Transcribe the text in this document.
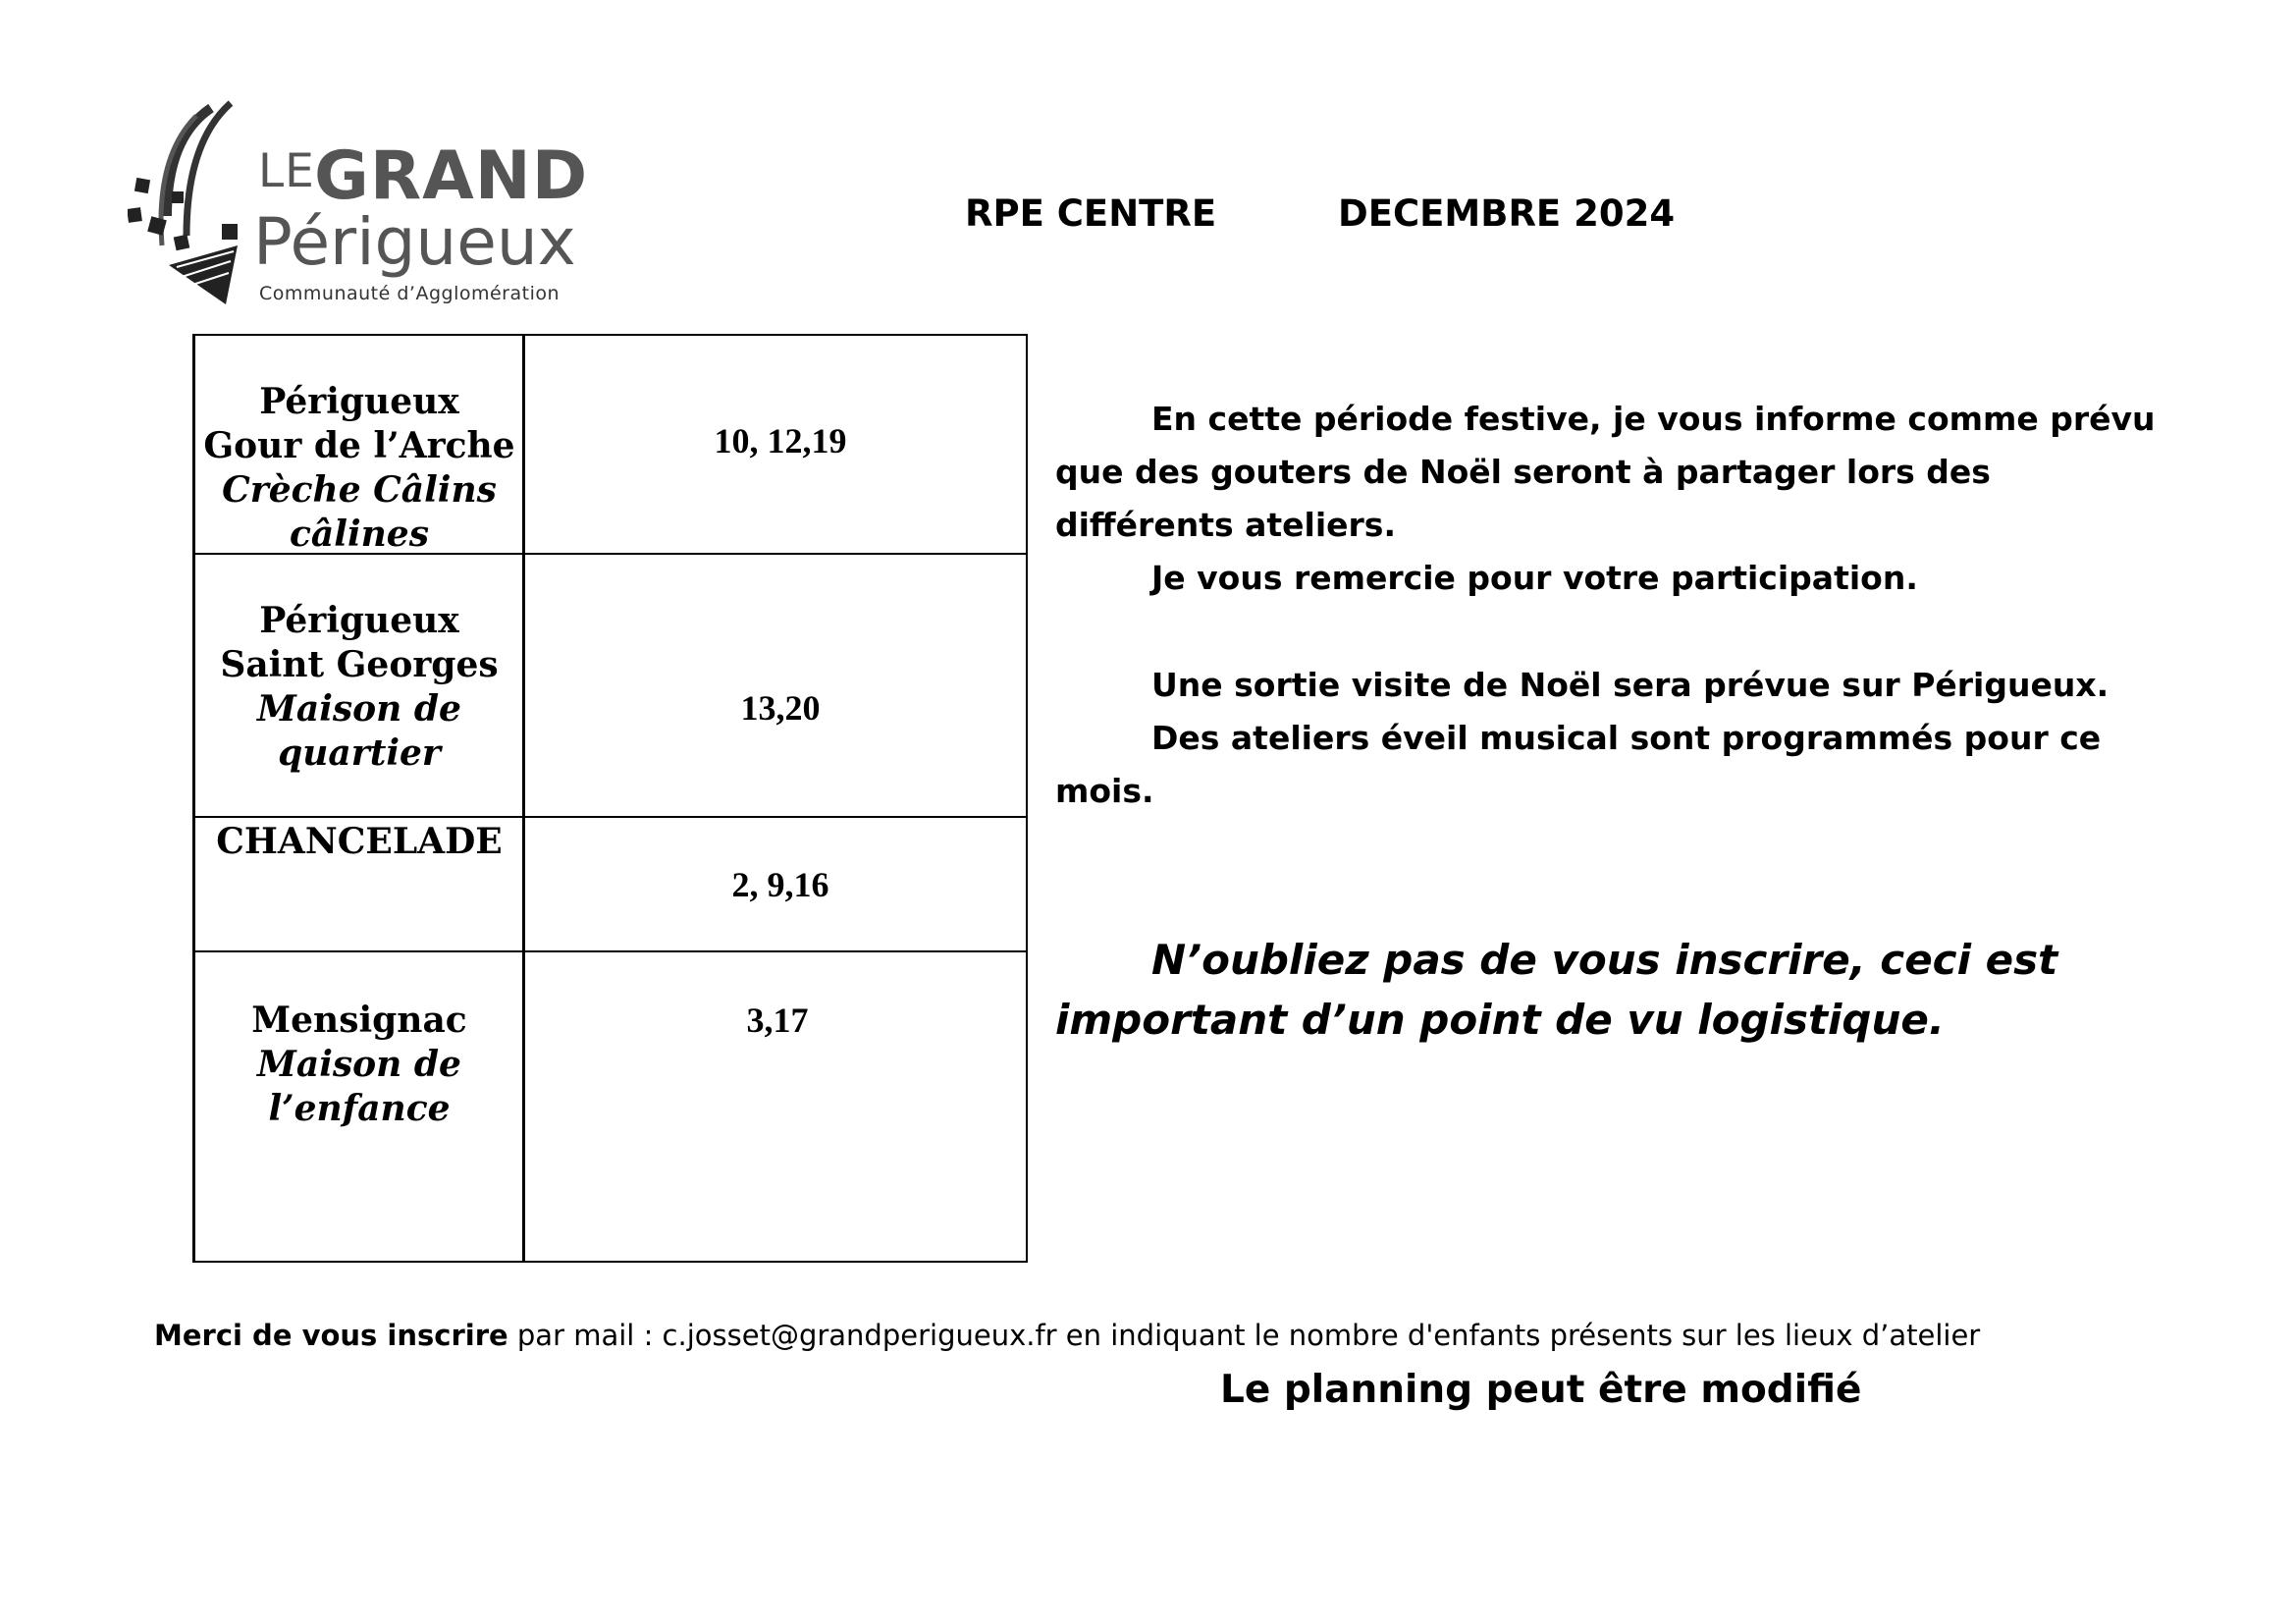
LE GRAND
Périgueux
Communauté d’Agglomération
RPE CENTRE	DECEMBRE 2024
Périgueux
Gour de l’Arche
Crèche Câlins
câlines
10, 12,19
Périgueux
Saint Georges
Maison de
quartier
13,20
CHANCELADE
2, 9,16
Mensignac
Maison de
l’enfance
3,17
En cette période festive, je vous informe comme prévu que des gouters de Noël seront à partager lors des différents ateliers.
Je vous remercie pour votre participation.
Une sortie visite de Noël sera prévue sur Périgueux.
Des ateliers éveil musical sont programmés pour ce mois.
N’oubliez pas de vous inscrire, ceci est important d’un point de vu logistique.
Merci de vous inscrire par mail : c.josset@grandperigueux.fr en indiquant le nombre d'enfants présents sur les lieux d’atelier
Le planning peut être modifié
